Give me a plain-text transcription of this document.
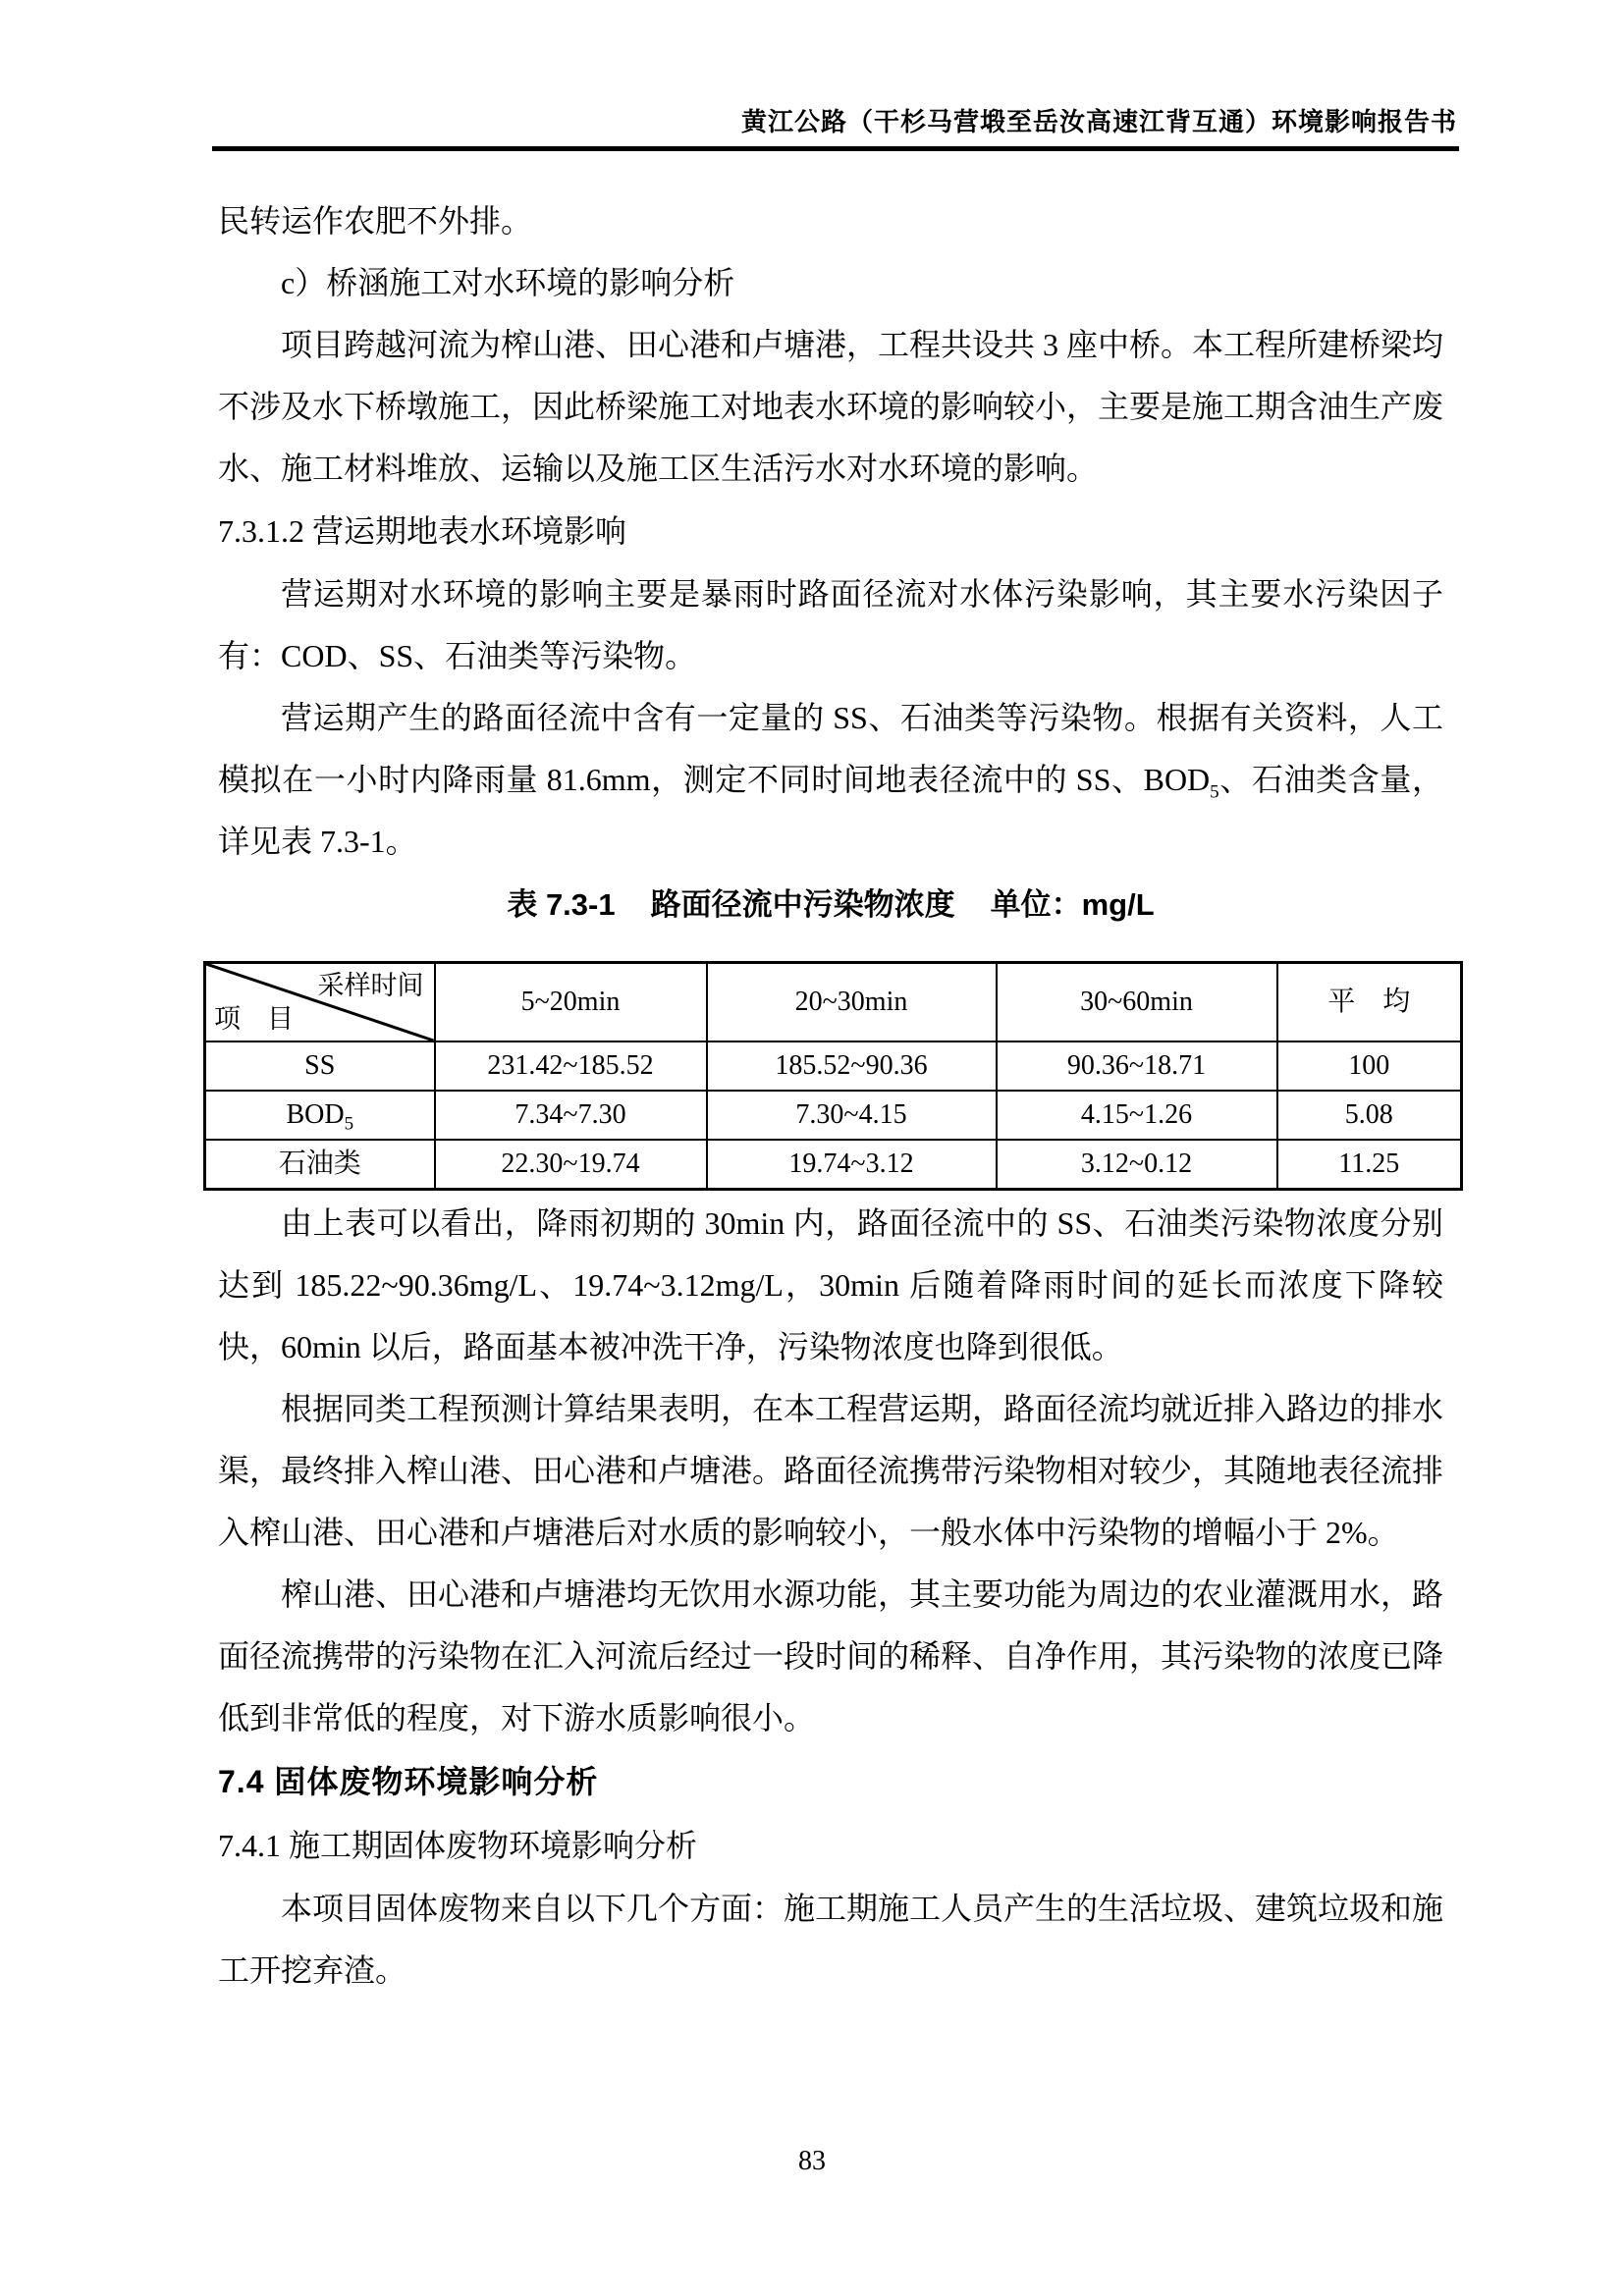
黄江公路（干杉马营塅至岳汝高速江背互通）环境影响报告书

民转运作农肥不外排。

c）桥涵施工对水环境的影响分析

项目跨越河流为榨山港、田心港和卢塘港，工程共设共 3 座中桥。本工程所建桥梁均不涉及水下桥墩施工，因此桥梁施工对地表水环境的影响较小，主要是施工期含油生产废水、施工材料堆放、运输以及施工区生活污水对水环境的影响。

7.3.1.2 营运期地表水环境影响

营运期对水环境的影响主要是暴雨时路面径流对水体污染影响，其主要水污染因子有：COD、SS、石油类等污染物。

营运期产生的路面径流中含有一定量的 SS、石油类等污染物。根据有关资料，人工模拟在一小时内降雨量 81.6mm，测定不同时间地表径流中的 SS、$BOD_5$、石油类含量，详见表 7.3-1。

表 7.3-1 路面径流中污染物浓度 单位：mg/L

采样时间
项　目	5~20min	20~30min	30~60min	平　均
SS	231.42~185.52	185.52~90.36	90.36~18.71	100
$BOD_5$	7.34~7.30	7.30~4.15	4.15~1.26	5.08
石油类	22.30~19.74	19.74~3.12	3.12~0.12	11.25

由上表可以看出，降雨初期的 30min 内，路面径流中的 SS、石油类污染物浓度分别达到 185.22~90.36mg/L、19.74~3.12mg/L，30min 后随着降雨时间的延长而浓度下降较快，60min 以后，路面基本被冲洗干净，污染物浓度也降到很低。

根据同类工程预测计算结果表明，在本工程营运期，路面径流均就近排入路边的排水渠，最终排入榨山港、田心港和卢塘港。路面径流携带污染物相对较少，其随地表径流排入榨山港、田心港和卢塘港后对水质的影响较小，一般水体中污染物的增幅小于 2%。

榨山港、田心港和卢塘港均无饮用水源功能，其主要功能为周边的农业灌溉用水，路面径流携带的污染物在汇入河流后经过一段时间的稀释、自净作用，其污染物的浓度已降低到非常低的程度，对下游水质影响很小。

7.4 固体废物环境影响分析

7.4.1 施工期固体废物环境影响分析

本项目固体废物来自以下几个方面：施工期施工人员产生的生活垃圾、建筑垃圾和施工开挖弃渣。

83
